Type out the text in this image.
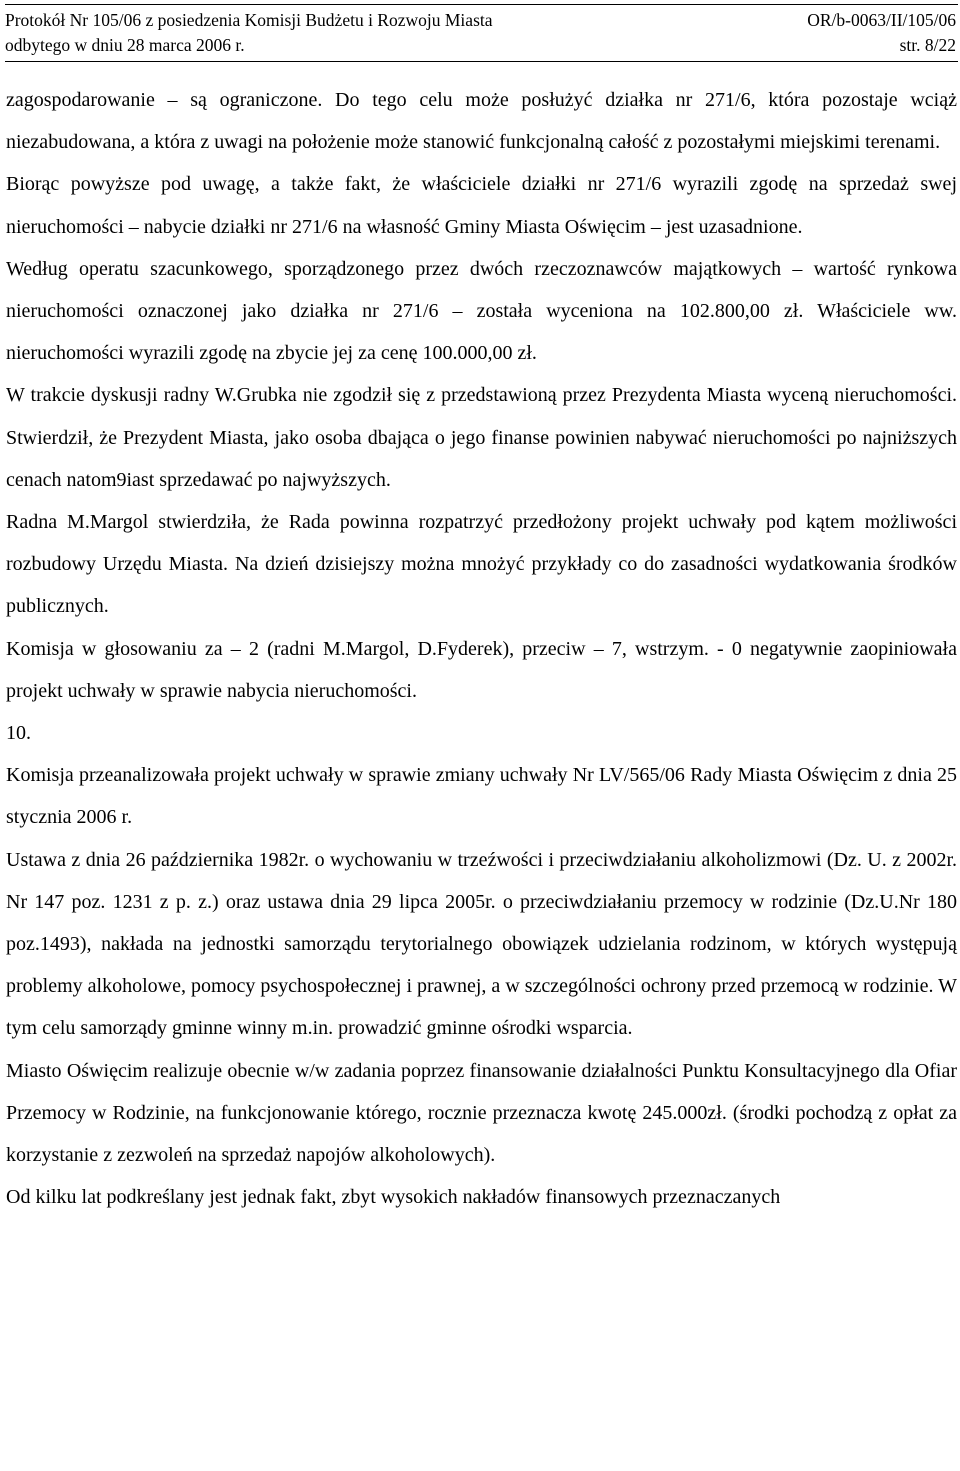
Protokół Nr 105/06 z posiedzenia Komisji Budżetu i Rozwoju Miasta	OR/b-0063/II/105/06
odbytego w dniu 28 marca 2006 r.	str. 8/22

zagospodarowanie – są ograniczone. Do tego celu może posłużyć działka nr 271/6, która pozostaje wciąż niezabudowana, a która z uwagi na położenie może stanowić funkcjonalną całość z pozostałymi miejskimi terenami.

Biorąc powyższe pod uwagę, a także fakt, że właściciele działki nr 271/6 wyrazili zgodę na sprzedaż swej nieruchomości – nabycie działki nr 271/6 na własność Gminy Miasta Oświęcim – jest uzasadnione.

Według operatu szacunkowego, sporządzonego przez dwóch rzeczoznawców majątkowych – wartość rynkowa nieruchomości oznaczonej jako działka nr 271/6 – została wyceniona na 102.800,00 zł. Właściciele ww. nieruchomości wyrazili zgodę na zbycie jej za cenę 100.000,00 zł.

W trakcie dyskusji radny W.Grubka nie zgodził się z przedstawioną przez Prezydenta Miasta wyceną nieruchomości. Stwierdził, że Prezydent Miasta, jako osoba dbająca o jego finanse powinien nabywać nieruchomości po najniższych cenach natom9iast sprzedawać po najwyższych.

Radna M.Margol stwierdziła, że Rada powinna rozpatrzyć przedłożony projekt uchwały pod kątem możliwości rozbudowy Urzędu Miasta. Na dzień dzisiejszy można mnożyć przykłady co do zasadności wydatkowania środków publicznych.

Komisja w głosowaniu za – 2 (radni M.Margol, D.Fyderek), przeciw – 7, wstrzym. - 0 negatywnie zaopiniowała projekt uchwały w sprawie nabycia nieruchomości.

10.

Komisja przeanalizowała projekt uchwały w sprawie zmiany uchwały Nr LV/565/06 Rady Miasta Oświęcim z dnia 25 stycznia 2006 r.

Ustawa z dnia 26 października 1982r. o wychowaniu w trzeźwości i przeciwdziałaniu alkoholizmowi (Dz. U. z 2002r. Nr 147 poz. 1231 z p. z.) oraz ustawa dnia 29 lipca 2005r. o przeciwdziałaniu przemocy w rodzinie (Dz.U.Nr 180 poz.1493), nakłada na jednostki samorządu terytorialnego obowiązek udzielania rodzinom, w których występują problemy alkoholowe, pomocy psychospołecznej i prawnej, a w szczególności ochrony przed przemocą w rodzinie. W tym celu samorządy gminne winny m.in. prowadzić gminne ośrodki wsparcia.

Miasto Oświęcim realizuje obecnie w/w zadania poprzez finansowanie działalności Punktu Konsultacyjnego dla Ofiar Przemocy w Rodzinie, na funkcjonowanie którego, rocznie przeznacza kwotę 245.000zł. (środki pochodzą z opłat za korzystanie z zezwoleń na sprzedaż napojów alkoholowych).

Od kilku lat podkreślany jest jednak fakt, zbyt wysokich nakładów finansowych przeznaczanych
